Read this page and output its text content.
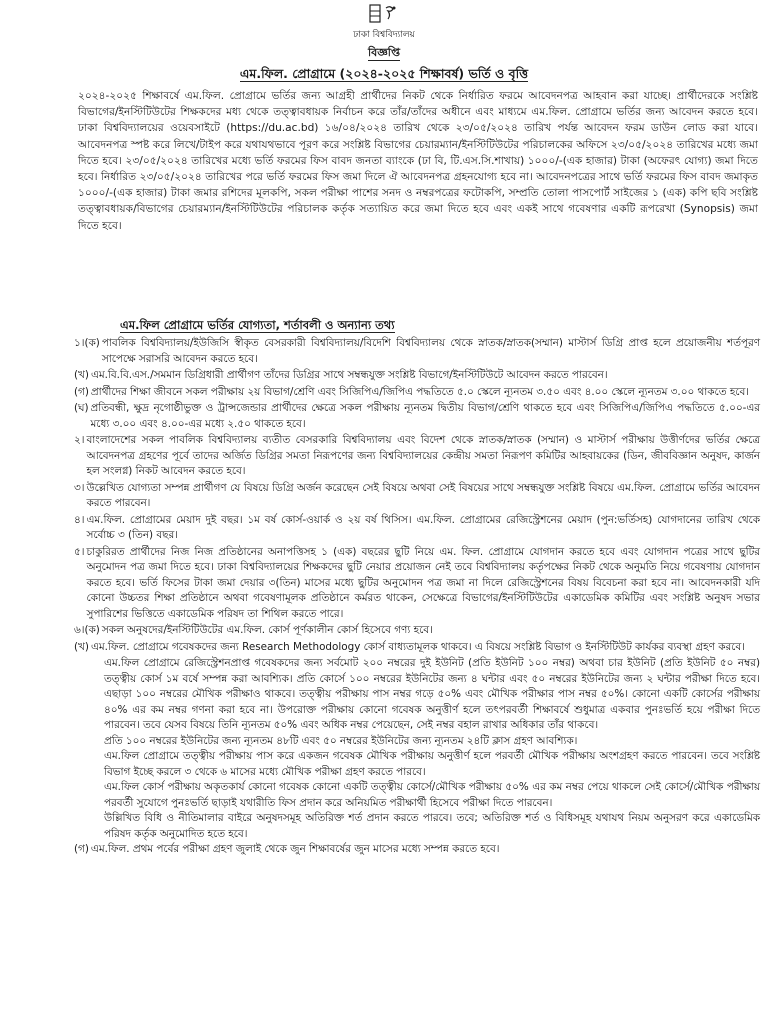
ঢাকা বিশ্ববিদ্যালয়
বিজ্ঞপ্তি
এম.ফিল. প্রোগ্রামে (২০২৪-২০২৫ শিক্ষাবর্ষ) ভর্তি ও বৃত্তি
২০২৪-২০২৫ শিক্ষাবর্ষে এম.ফিল. প্রোগ্রামে ভর্তির জন্য আগ্রহী প্রার্থীদের নিকট থেকে নির্ধারিত ফরমে আবেদনপত্র আহবান করা যাচ্ছে। প্রার্থীদেরকে সংশ্লিষ্ট বিভাগের/ইনস্টিটিউটের শিক্ষকদের মধ্য থেকে তত্ত্বাবধায়ক নির্বাচন করে তাঁর/তাঁদের অধীনে এবং মাধ্যমে এম.ফিল. প্রোগ্রামে ভর্তির জন্য আবেদন করতে হবে। ঢাকা বিশ্ববিদ্যালয়ের ওয়েবসাইটে (https://du.ac.bd) ১৬/০৪/২০২৪ তারিখ থেকে ২৩/০৫/২০২৪ তারিখ পর্যন্ত আবেদন ফরম ডাউন লোড করা যাবে। আবেদনপত্র স্পষ্ট করে লিখে/টাইপ করে যথাযথভাবে পূরণ করে সংশ্লিষ্ট বিভাগের চেয়ারম্যান/ইনস্টিটিউটের পরিচালকের অফিসে ২৩/০৫/২০২৪ তারিখের মধ্যে জমা দিতে হবে। ২৩/০৫/২০২৪ তারিখের মধ্যে ভর্তি ফরমের ফিস বাবদ জনতা ব্যাংকে (ঢা বি, টি.এস.সি.শাখায়) ১০০০/-(এক হাজার) টাকা (অফেরৎ যোগ্য) জমা দিতে হবে। নির্ধারিত ২৩/০৫/২০২৪ তারিখের পরে ভর্তি ফরমের ফিস জমা দিলে ঐ আবেদনপত্র গ্রহনযোগ্য হবে না। আবেদনপত্রের সাথে ভর্তি ফরমের ফিস বাবদ জমাকৃত ১০০০/-(এক হাজার) টাকা জমার রশিদের মূলকপি, সকল পরীক্ষা পাশের সনদ ও নম্বরপত্রের ফটোকপি, সম্প্রতি তোলা পাসপোর্ট সাইজের ১ (এক) কপি ছবি সংশ্লিষ্ট তত্ত্বাবধায়ক/বিভাগের চেয়ারম্যান/ইনস্টিটিউটের পরিচালক কর্তৃক সত্যায়িত করে জমা দিতে হবে এবং একই সাথে গবেষণার একটি রূপরেখা (Synopsis) জমা দিতে হবে।
এম.ফিল প্রোগ্রামে ভর্তির যোগ্যতা, শর্তাবলী ও অন্যান্য তথ্য
১।(ক) পাবলিক বিশ্ববিদ্যালয়/ইউজিসি স্বীকৃত বেসরকারী বিশ্ববিদ্যালয়/বিদেশি বিশ্ববিদ্যালয় থেকে স্নাতক/স্নাতক(সম্মান) মাস্টার্স ডিগ্রি প্রাপ্ত হলে প্রয়োজনীয় শর্তপূরণ সাপেক্ষে সরাসরি আবেদন করতে হবে।
(খ) এম.বি.বি.এস./সমমান ডিগ্রিধারী প্রার্থীগণ তাঁদের ডিগ্রির সাথে সম্বন্ধযুক্ত সংশ্লিষ্ট বিভাগে/ইনস্টিটিউটে আবেদন করতে পারবেন।
(গ) প্রার্থীদের শিক্ষা জীবনে সকল পরীক্ষায় ২য় বিভাগ/শ্রেণি এবং সিজিপিএ/জিপিএ পদ্ধতিতে ৫.০ স্কেলে ন্যূনতম ৩.৫০ এবং ৪.০০ স্কেলে ন্যূনতম ৩.০০ থাকতে হবে।
(ঘ) প্রতিবন্ধী, ক্ষুদ্র নৃগোষ্ঠীভুক্ত ও ট্রান্সজেন্ডার প্রার্থীদের ক্ষেত্রে সকল পরীক্ষায় ন্যূনতম দ্বিতীয় বিভাগ/শ্রেণি থাকতে হবে এবং সিজিপিএ/জিপিএ পদ্ধতিতে ৫.০০-এর মধ্যে ৩.০০ এবং ৪.০০-এর মধ্যে ২.৫০ থাকতে হবে।
২। বাংলাদেশের সকল পাবলিক বিশ্ববিদ্যালয় ব্যতীত বেসরকারি বিশ্ববিদ্যালয় এবং বিদেশ থেকে স্নাতক/স্নাতক (সম্মান) ও মাস্টার্স পরীক্ষায় উত্তীর্ণদের ভর্তির ক্ষেত্রে আবেদনপত্র গ্রহণের পূর্বে তাদের অর্জিত ডিগ্রির সমতা নিরূপণের জন্য বিশ্ববিদ্যালয়ের কেন্দ্রীয় সমতা নিরূপণ কমিটির আহবায়কের (ডিন, জীববিজ্ঞান অনুষদ, কার্জন হল সংলগ্ন) নিকট আবেদন করতে হবে।
৩। উল্লেখিত যোগ্যতা সম্পন্ন প্রার্থীগণ যে বিষয়ে ডিগ্রি অর্জন করেছেন সেই বিষয়ে অথবা সেই বিষয়ের সাথে সম্বন্ধযুক্ত সংশ্লিষ্ট বিষয়ে এম.ফিল. প্রোগ্রামে ভর্তির আবেদন করতে পারবেন।
৪। এম.ফিল. প্রোগ্রামের মেয়াদ দুই বছর। ১ম বর্ষ কোর্স-ওয়ার্ক ও ২য় বর্ষ থিসিস। এম.ফিল. প্রোগ্রামের রেজিস্ট্রেশনের মেয়াদ (পুন:ভর্তিসহ) যোগদানের তারিখ থেকে সর্বোচ্চ ৩ (তিন) বছর।
৫। চাকুরিরত প্রার্থীদের নিজ নিজ প্রতিষ্ঠানের অনাপত্তিসহ ১ (এক) বছরের ছুটি নিয়ে এম. ফিল. প্রোগ্রামে যোগদান করতে হবে এবং যোগদান পত্রের সাথে ছুটির অনুমোদন পত্র জমা দিতে হবে। ঢাকা বিশ্ববিদ্যালয়ের শিক্ষকদের ছুটি নেয়ার প্রয়োজন নেই তবে বিশ্ববিদ্যালয় কর্তৃপক্ষের নিকট থেকে অনুমতি নিয়ে গবেষণায় যোগদান করতে হবে। ভর্তি ফিসের টাকা জমা দেয়ার ৩(তিন) মাসের মধ্যে ছুটির অনুমোদন পত্র জমা না দিলে রেজিস্ট্রেশনের বিষয় বিবেচনা করা হবে না। আবেদনকারী যদি কোনো উচ্চতর শিক্ষা প্রতিষ্ঠানে অথবা গবেষণামূলক প্রতিষ্ঠানে কর্মরত থাকেন, সেক্ষেত্রে বিভাগের/ইনস্টিটিউটের একাডেমিক কমিটির এবং সংশ্লিষ্ট অনুষদ সভার সুপারিশের ভিত্তিতে একাডেমিক পরিষদ তা শিথিল করতে পারে।
৬।(ক) সকল অনুষদের/ইনস্টিটিউটের এম.ফিল. কোর্স পূর্ণকালীন কোর্স হিসেবে গণ্য হবে।
(খ) এম.ফিল. প্রোগ্রামে গবেষকদের জন্য Research Methodology কোর্স বাধ্যতামূলক থাকবে। এ বিষয়ে সংশ্লিষ্ট বিভাগ ও ইনস্টিটিউট কার্যকর ব্যবস্থা গ্রহণ করবে।
এম.ফিল প্রোগ্রামে রেজিস্ট্রেশনপ্রাপ্ত গবেষকদের জন্য সর্বমোট ২০০ নম্বরের দুই ইউনিট (প্রতি ইউনিট ১০০ নম্বর) অথবা চার ইউনিট (প্রতি ইউনিট ৫০ নম্বর) তত্ত্বীয় কোর্স ১ম বর্ষে সম্পন্ন করা আবশ্যিক। প্রতি কোর্সে ১০০ নম্বরের ইউনিটের জন্য ৪ ঘন্টার এবং ৫০ নম্বরের ইউনিটের জন্য ২ ঘন্টার পরীক্ষা দিতে হবে। এছাড়া ১০০ নম্বরের মৌখিক পরীক্ষাও থাকবে। তত্ত্বীয় পরীক্ষায় পাস নম্বর গড়ে ৫০% এবং মৌখিক পরীক্ষার পাস নম্বর ৫০%। কোনো একটি কোর্সের পরীক্ষায় ৪০% এর কম নম্বর গণনা করা হবে না। উপরোক্ত পরীক্ষায় কোনো গবেষক অনুত্তীর্ণ হলে তৎপরবর্তী শিক্ষাবর্ষে শুধুমাত্র একবার পুনঃভর্তি হয়ে পরীক্ষা দিতে পারবেন। তবে যেসব বিষয়ে তিনি ন্যূনতম ৫০% এবং অধিক নম্বর পেয়েছেন, সেই নম্বর বহাল রাখার অধিকার তাঁর থাকবে।
প্রতি ১০০ নম্বরের ইউনিটের জন্য ন্যূনতম ৪৮টি এবং ৫০ নম্বরের ইউনিটের জন্য ন্যূনতম ২৪টি ক্লাস গ্রহণ আবশ্যিক।
এম.ফিল প্রোগ্রামে তত্ত্বীয় পরীক্ষায় পাস করে একজন গবেষক মৌখিক পরীক্ষায় অনুত্তীর্ণ হলে পরবর্তী মৌখিক পরীক্ষায় অংশগ্রহণ করতে পারবেন। তবে সংশ্লিষ্ট বিভাগ ইচ্ছে করলে ৩ থেকে ৬ মাসের মধ্যে মৌখিক পরীক্ষা গ্রহণ করতে পারবে।
এম.ফিল কোর্স পরীক্ষায় অকৃতকার্য কোনো গবেষক কোনো একটি তত্ত্বীয় কোর্সে/মৌখিক পরীক্ষায় ৫০% এর কম নম্বর পেয়ে থাকলে সেই কোর্সে/মৌখিক পরীক্ষায় পরবর্তী সুযোগে পুনঃভর্তি ছাড়াই যথারীতি ফিস প্রদান করে অনিয়মিত পরীক্ষার্থী হিসেবে পরীক্ষা দিতে পারবেন।
উল্লিখিত বিধি ও নীতিমালার বাইরে অনুষদসমূহ অতিরিক্ত শর্ত প্রদান করতে পারবে। তবে; অতিরিক্ত শর্ত ও বিধিসমূহ যথাযথ নিয়ম অনুসরণ করে একাডেমিক পরিষদ কর্তৃক অনুমোদিত হতে হবে।
(গ) এম.ফিল. প্রথম পর্বের পরীক্ষা গ্রহণ জুলাই থেকে জুন শিক্ষাবর্ষের জুন মাসের মধ্যে সম্পন্ন করতে হবে।
